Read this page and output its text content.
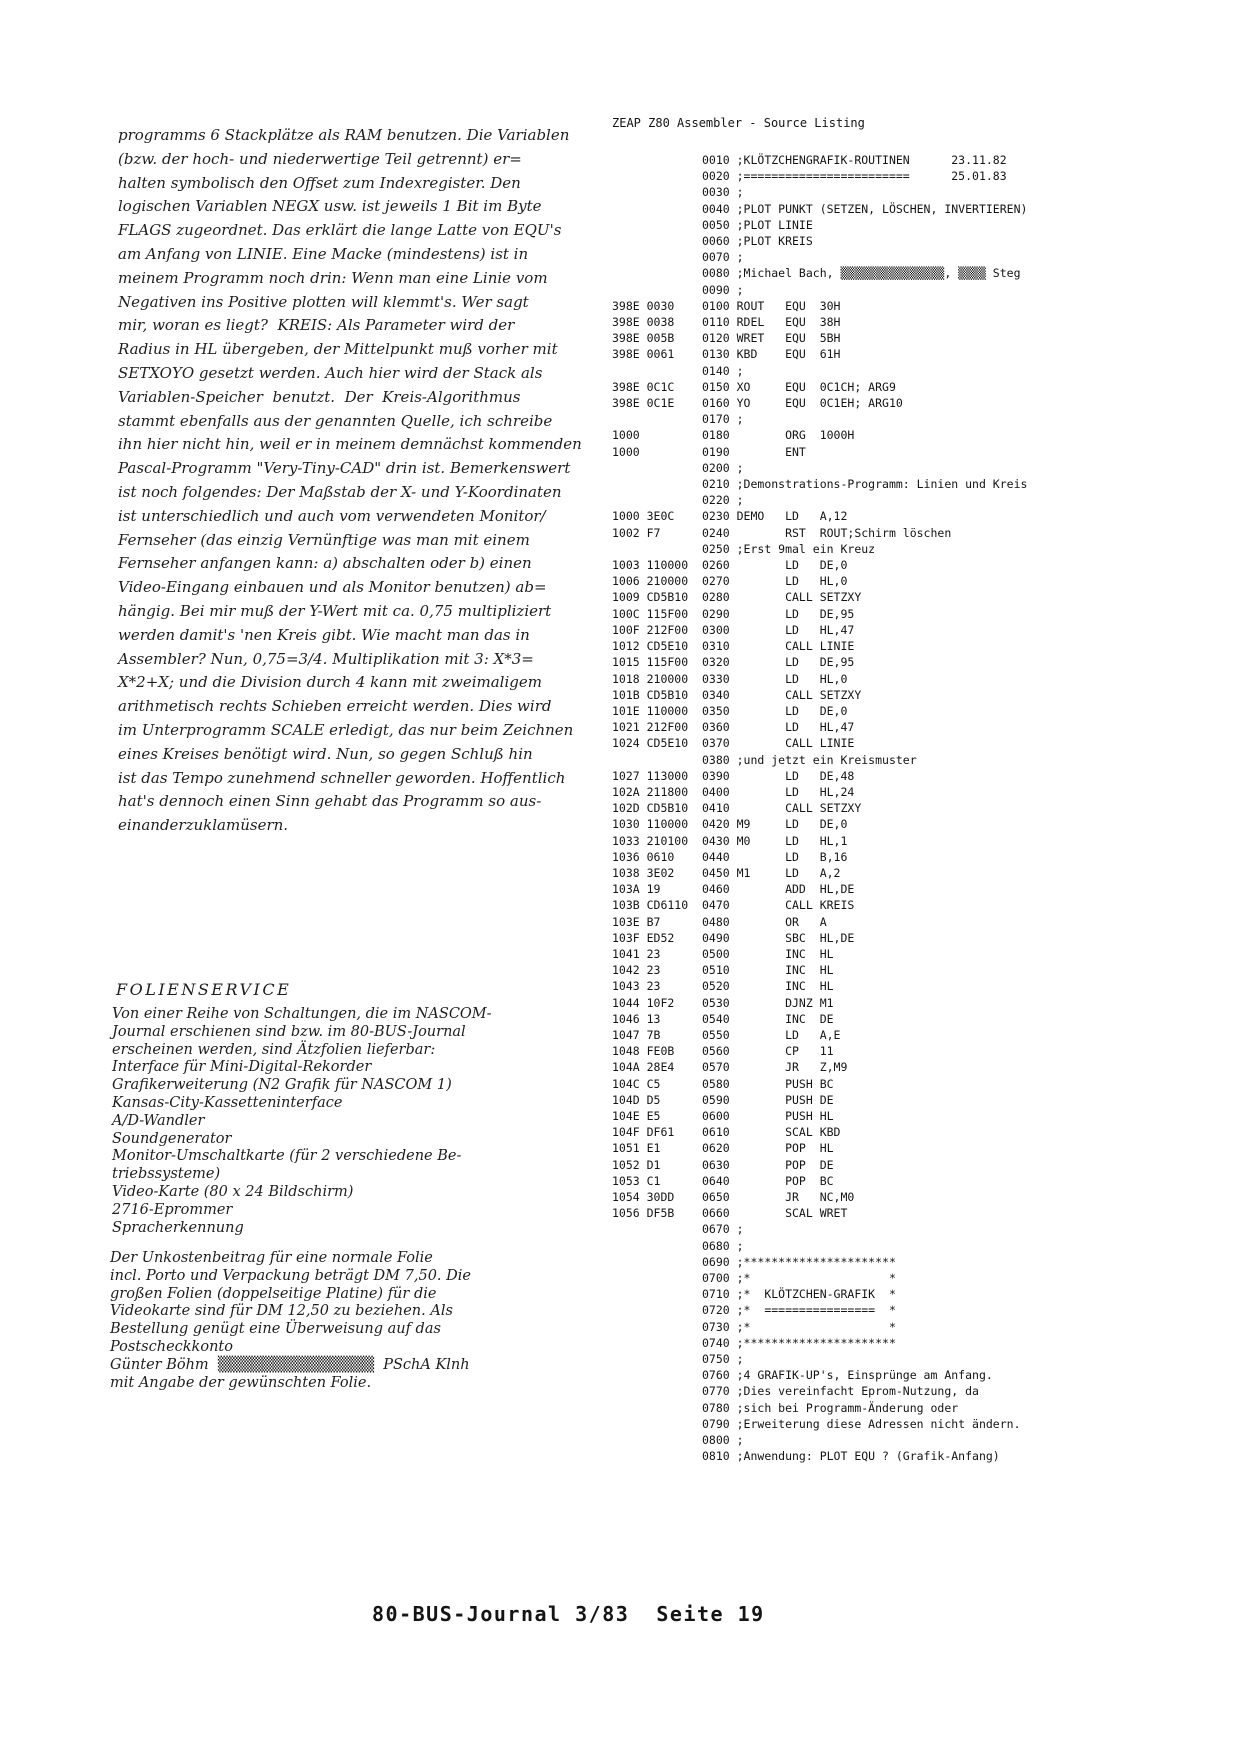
programms 6 Stackplätze als RAM benutzen. Die Variablen
(bzw. der hoch- und niederwertige Teil getrennt) er=
halten symbolisch den Offset zum Indexregister. Den
logischen Variablen NEGX usw. ist jeweils 1 Bit im Byte
FLAGS zugeordnet. Das erklärt die lange Latte von EQU's
am Anfang von LINIE. Eine Macke (mindestens) ist in
meinem Programm noch drin: Wenn man eine Linie vom
Negativen ins Positive plotten will klemmt's. Wer sagt
mir, woran es liegt?  KREIS: Als Parameter wird der
Radius in HL übergeben, der Mittelpunkt muß vorher mit
SETXOYO gesetzt werden. Auch hier wird der Stack als
Variablen-Speicher  benutzt.  Der  Kreis-Algorithmus
stammt ebenfalls aus der genannten Quelle, ich schreibe
ihn hier nicht hin, weil er in meinem demnächst kommenden
Pascal-Programm "Very-Tiny-CAD" drin ist. Bemerkenswert
ist noch folgendes: Der Maßstab der X- und Y-Koordinaten
ist unterschiedlich und auch vom verwendeten Monitor/
Fernseher (das einzig Vernünftige was man mit einem
Fernseher anfangen kann: a) abschalten oder b) einen
Video-Eingang einbauen und als Monitor benutzen) ab=
hängig. Bei mir muß der Y-Wert mit ca. 0,75 multipliziert
werden damit's 'nen Kreis gibt. Wie macht man das in
Assembler? Nun, 0,75=3/4. Multiplikation mit 3: X*3=
X*2+X; und die Division durch 4 kann mit zweimaligem
arithmetisch rechts Schieben erreicht werden. Dies wird
im Unterprogramm SCALE erledigt, das nur beim Zeichnen
eines Kreises benötigt wird. Nun, so gegen Schluß hin
ist das Tempo zunehmend schneller geworden. Hoffentlich
hat's dennoch einen Sinn gehabt das Programm so aus-
einanderzuklamüsern.
FOLIENSERVICE
Von einer Reihe von Schaltungen, die im NASCOM-
Journal erschienen sind bzw. im 80-BUS-Journal
erscheinen werden, sind Ätzfolien lieferbar:
Interface für Mini-Digital-Rekorder
Grafikerweiterung (N2 Grafik für NASCOM 1)
Kansas-City-Kassetteninterface
A/D-Wandler
Soundgenerator
Monitor-Umschaltkarte (für 2 verschiedene Be-
triebssysteme)
Video-Karte (80 x 24 Bildschirm)
2716-Eprommer
Spracherkennung
Der Unkostenbeitrag für eine normale Folie
incl. Porto und Verpackung beträgt DM 7,50. Die
großen Folien (doppelseitige Platine) für die
Videokarte sind für DM 12,50 zu beziehen. Als
Bestellung genügt eine Überweisung auf das
Postscheckkonto
Günter Böhm  ▒▒▒▒▒▒▒▒▒▒▒▒▒▒  PSchA Klnh
mit Angabe der gewünschten Folie.
ZEAP Z80 Assembler - Source Listing
0010 ;KLÖTZCHENGRAFIK-ROUTINEN      23.11.82
0020 ;========================      25.01.83
0030 ;
0040 ;PLOT PUNKT (SETZEN, LÖSCHEN, INVERTIEREN)
0050 ;PLOT LINIE
0060 ;PLOT KREIS
0070 ;
0080 ;Michael Bach, ▒▒▒▒▒▒▒▒▒▒▒▒▒▒▒, ▒▒▒▒ Steg
0090 ;
398E 0030    0100 ROUT   EQU  30H
398E 0038    0110 RDEL   EQU  38H
398E 005B    0120 WRET   EQU  5BH
398E 0061    0130 KBD    EQU  61H
0140 ;
398E 0C1C    0150 XO     EQU  0C1CH; ARG9
398E 0C1E    0160 YO     EQU  0C1EH; ARG10
0170 ;
1000         0180        ORG  1000H
1000         0190        ENT
0200 ;
0210 ;Demonstrations-Programm: Linien und Kreis
0220 ;
1000 3E0C    0230 DEMO   LD   A,12
1002 F7      0240        RST  ROUT;Schirm löschen
0250 ;Erst 9mal ein Kreuz
1003 110000  0260        LD   DE,0
1006 210000  0270        LD   HL,0
1009 CD5B10  0280        CALL SETZXY
100C 115F00  0290        LD   DE,95
100F 212F00  0300        LD   HL,47
1012 CD5E10  0310        CALL LINIE
1015 115F00  0320        LD   DE,95
1018 210000  0330        LD   HL,0
101B CD5B10  0340        CALL SETZXY
101E 110000  0350        LD   DE,0
1021 212F00  0360        LD   HL,47
1024 CD5E10  0370        CALL LINIE
0380 ;und jetzt ein Kreismuster
1027 113000  0390        LD   DE,48
102A 211800  0400        LD   HL,24
102D CD5B10  0410        CALL SETZXY
1030 110000  0420 M9     LD   DE,0
1033 210100  0430 M0     LD   HL,1
1036 0610    0440        LD   B,16
1038 3E02    0450 M1     LD   A,2
103A 19      0460        ADD  HL,DE
103B CD6110  0470        CALL KREIS
103E B7      0480        OR   A
103F ED52    0490        SBC  HL,DE
1041 23      0500        INC  HL
1042 23      0510        INC  HL
1043 23      0520        INC  HL
1044 10F2    0530        DJNZ M1
1046 13      0540        INC  DE
1047 7B      0550        LD   A,E
1048 FE0B    0560        CP   11
104A 28E4    0570        JR   Z,M9
104C C5      0580        PUSH BC
104D D5      0590        PUSH DE
104E E5      0600        PUSH HL
104F DF61    0610        SCAL KBD
1051 E1      0620        POP  HL
1052 D1      0630        POP  DE
1053 C1      0640        POP  BC
1054 30DD    0650        JR   NC,M0
1056 DF5B    0660        SCAL WRET
0670 ;
0680 ;
0690 ;**********************
0700 ;*                    *
0710 ;*  KLÖTZCHEN-GRAFIK  *
0720 ;*  ================  *
0730 ;*                    *
0740 ;**********************
0750 ;
0760 ;4 GRAFIK-UP's, Einsprünge am Anfang.
0770 ;Dies vereinfacht Eprom-Nutzung, da
0780 ;sich bei Programm-Änderung oder
0790 ;Erweiterung diese Adressen nicht ändern.
0800 ;
0810 ;Anwendung: PLOT EQU ? (Grafik-Anfang)
80-BUS-Journal 3/83  Seite 19
